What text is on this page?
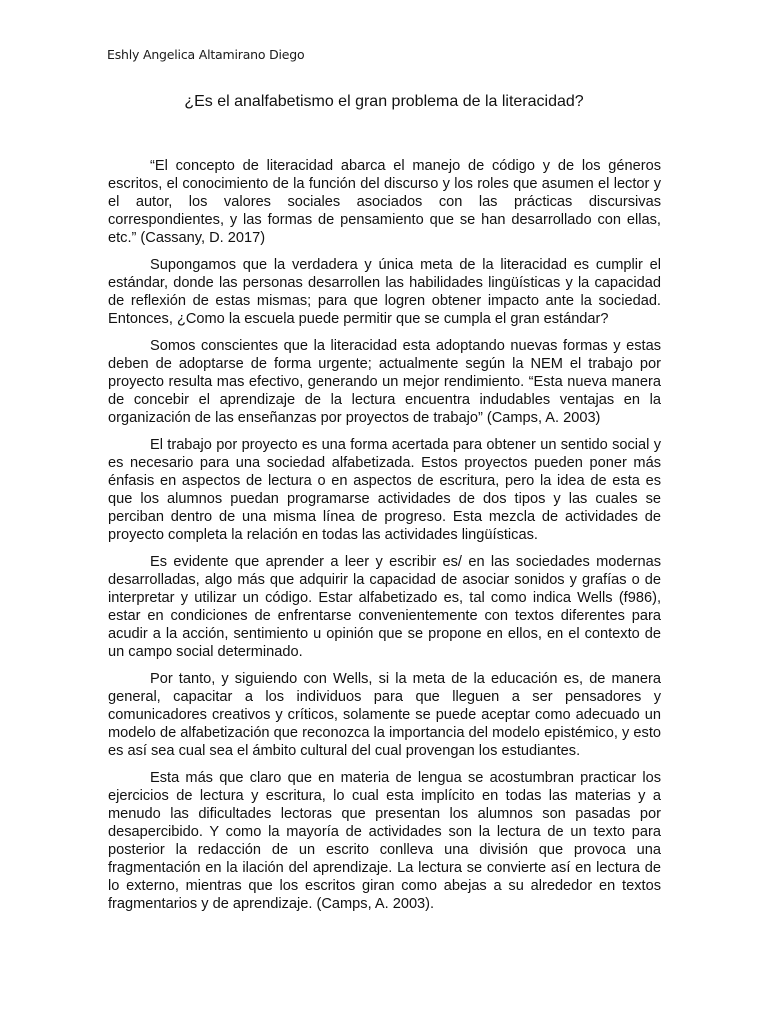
Eshly Angelica Altamirano Diego
¿Es el analfabetismo el gran problema de la literacidad?

“El concepto de literacidad abarca el manejo de código y de los géneros escritos, el conocimiento de la función del discurso y los roles que asumen el lector y el autor, los valores sociales asociados con las prácticas discursivas correspondientes, y las formas de pensamiento que se han desarrollado con ellas, etc.” (Cassany, D. 2017)

Supongamos que la verdadera y única meta de la literacidad es cumplir el estándar, donde las personas desarrollen las habilidades lingüísticas y la capacidad de reflexión de estas mismas; para que logren obtener impacto ante la sociedad. Entonces, ¿Como la escuela puede permitir que se cumpla el gran estándar?

Somos conscientes que la literacidad esta adoptando nuevas formas y estas deben de adoptarse de forma urgente; actualmente según la NEM el trabajo por proyecto resulta mas efectivo, generando un mejor rendimiento. “Esta nueva manera de concebir el aprendizaje de la lectura encuentra indudables ventajas en la organización de las enseñanzas por proyectos de trabajo” (Camps, A. 2003)

El trabajo por proyecto es una forma acertada para obtener un sentido social y es necesario para una sociedad alfabetizada. Estos proyectos pueden poner más énfasis en aspectos de lectura o en aspectos de escritura, pero la idea de esta es que los alumnos puedan programarse actividades de dos tipos y las cuales se perciban dentro de una misma línea de progreso. Esta mezcla de actividades de proyecto completa la relación en todas las actividades lingüísticas.

Es evidente que aprender a leer y escribir es/ en las sociedades modernas desarrolladas, algo más que adquirir la capacidad de asociar sonidos y grafías o de interpretar y utilizar un código. Estar alfabetizado es, tal como indica Wells (f986), estar en condiciones de enfrentarse convenientemente con textos diferentes para acudir a la acción, sentimiento u opinión que se propone en ellos, en el contexto de un campo social determinado.

Por tanto, y siguiendo con Wells, si la meta de la educación es, de manera general, capacitar a los individuos para que lleguen a ser pensadores y comunicadores creativos y críticos, solamente se puede aceptar como adecuado un modelo de alfabetización que reconozca la importancia del modelo epistémico, y esto es así sea cual sea el ámbito cultural del cual provengan los estudiantes.

Esta más que claro que en materia de lengua se acostumbran practicar los ejercicios de lectura y escritura, lo cual esta implícito en todas las materias y a menudo las dificultades lectoras que presentan los alumnos son pasadas por desapercibido. Y como la mayoría de actividades son la lectura de un texto para posterior la redacción de un escrito conlleva una división que provoca una fragmentación en la ilación del aprendizaje. La lectura se convierte así en lectura de lo externo, mientras que los escritos giran como abejas a su alrededor en textos fragmentarios y de aprendizaje. (Camps, A. 2003).
